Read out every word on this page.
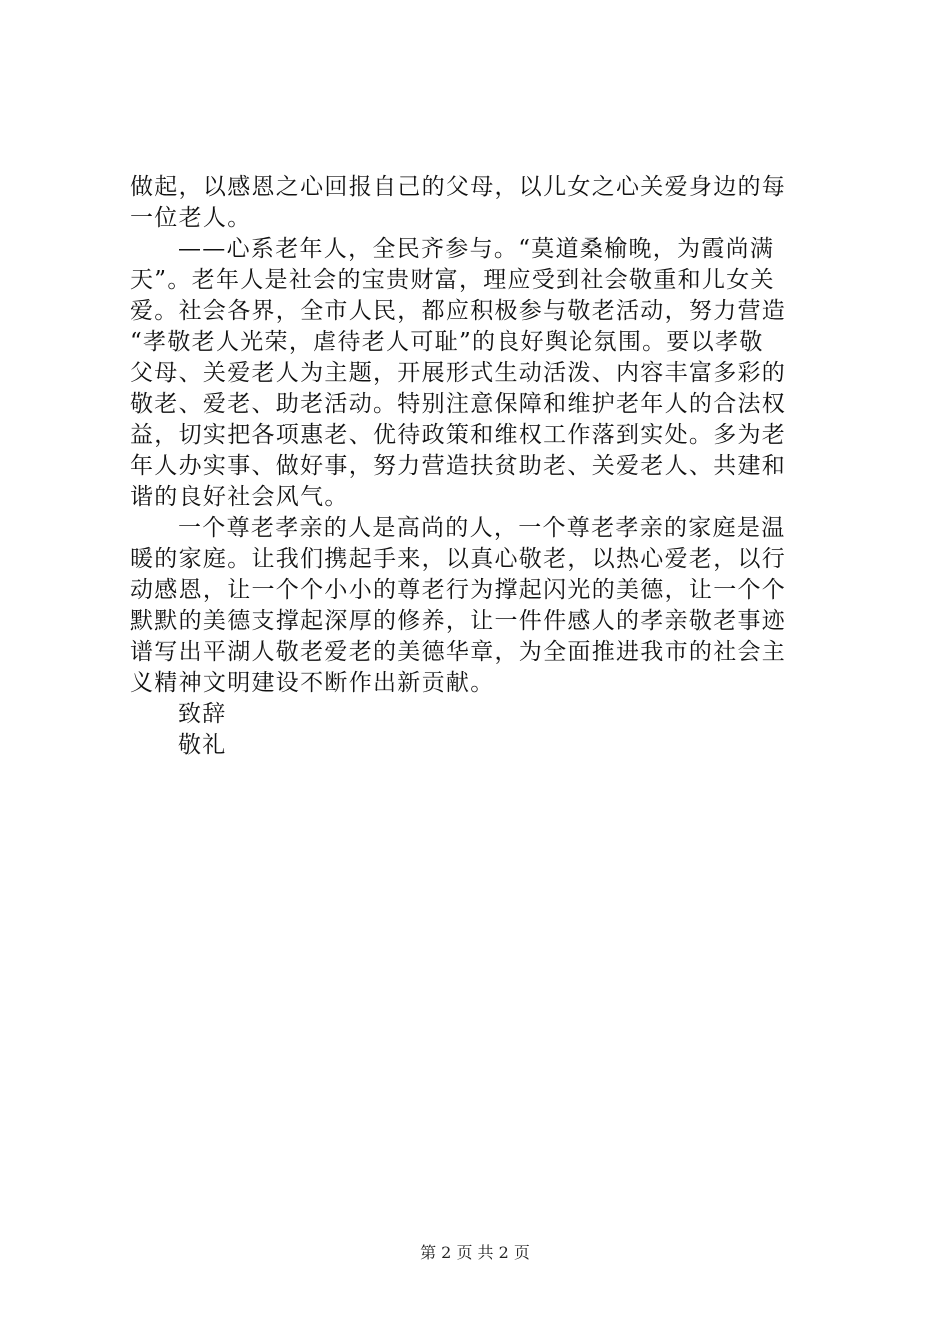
做起，以感恩之心回报自己的父母，以儿女之心关爱身边的每
一位老人。
——心系老年人，全民齐参与。“莫道桑榆晚，为霞尚满
天”。老年人是社会的宝贵财富，理应受到社会敬重和儿女关
爱。社会各界，全市人民，都应积极参与敬老活动，努力营造
“孝敬老人光荣，虐待老人可耻”的良好舆论氛围。要以孝敬
父母、关爱老人为主题，开展形式生动活泼、内容丰富多彩的
敬老、爱老、助老活动。特别注意保障和维护老年人的合法权
益，切实把各项惠老、优待政策和维权工作落到实处。多为老
年人办实事、做好事，努力营造扶贫助老、关爱老人、共建和
谐的良好社会风气。
一个尊老孝亲的人是高尚的人，一个尊老孝亲的家庭是温
暖的家庭。让我们携起手来，以真心敬老，以热心爱老，以行
动感恩，让一个个小小的尊老行为撑起闪光的美德，让一个个
默默的美德支撑起深厚的修养，让一件件感人的孝亲敬老事迹
谱写出平湖人敬老爱老的美德华章，为全面推进我市的社会主
义精神文明建设不断作出新贡献。
致辞
敬礼
第 2 页 共 2 页
